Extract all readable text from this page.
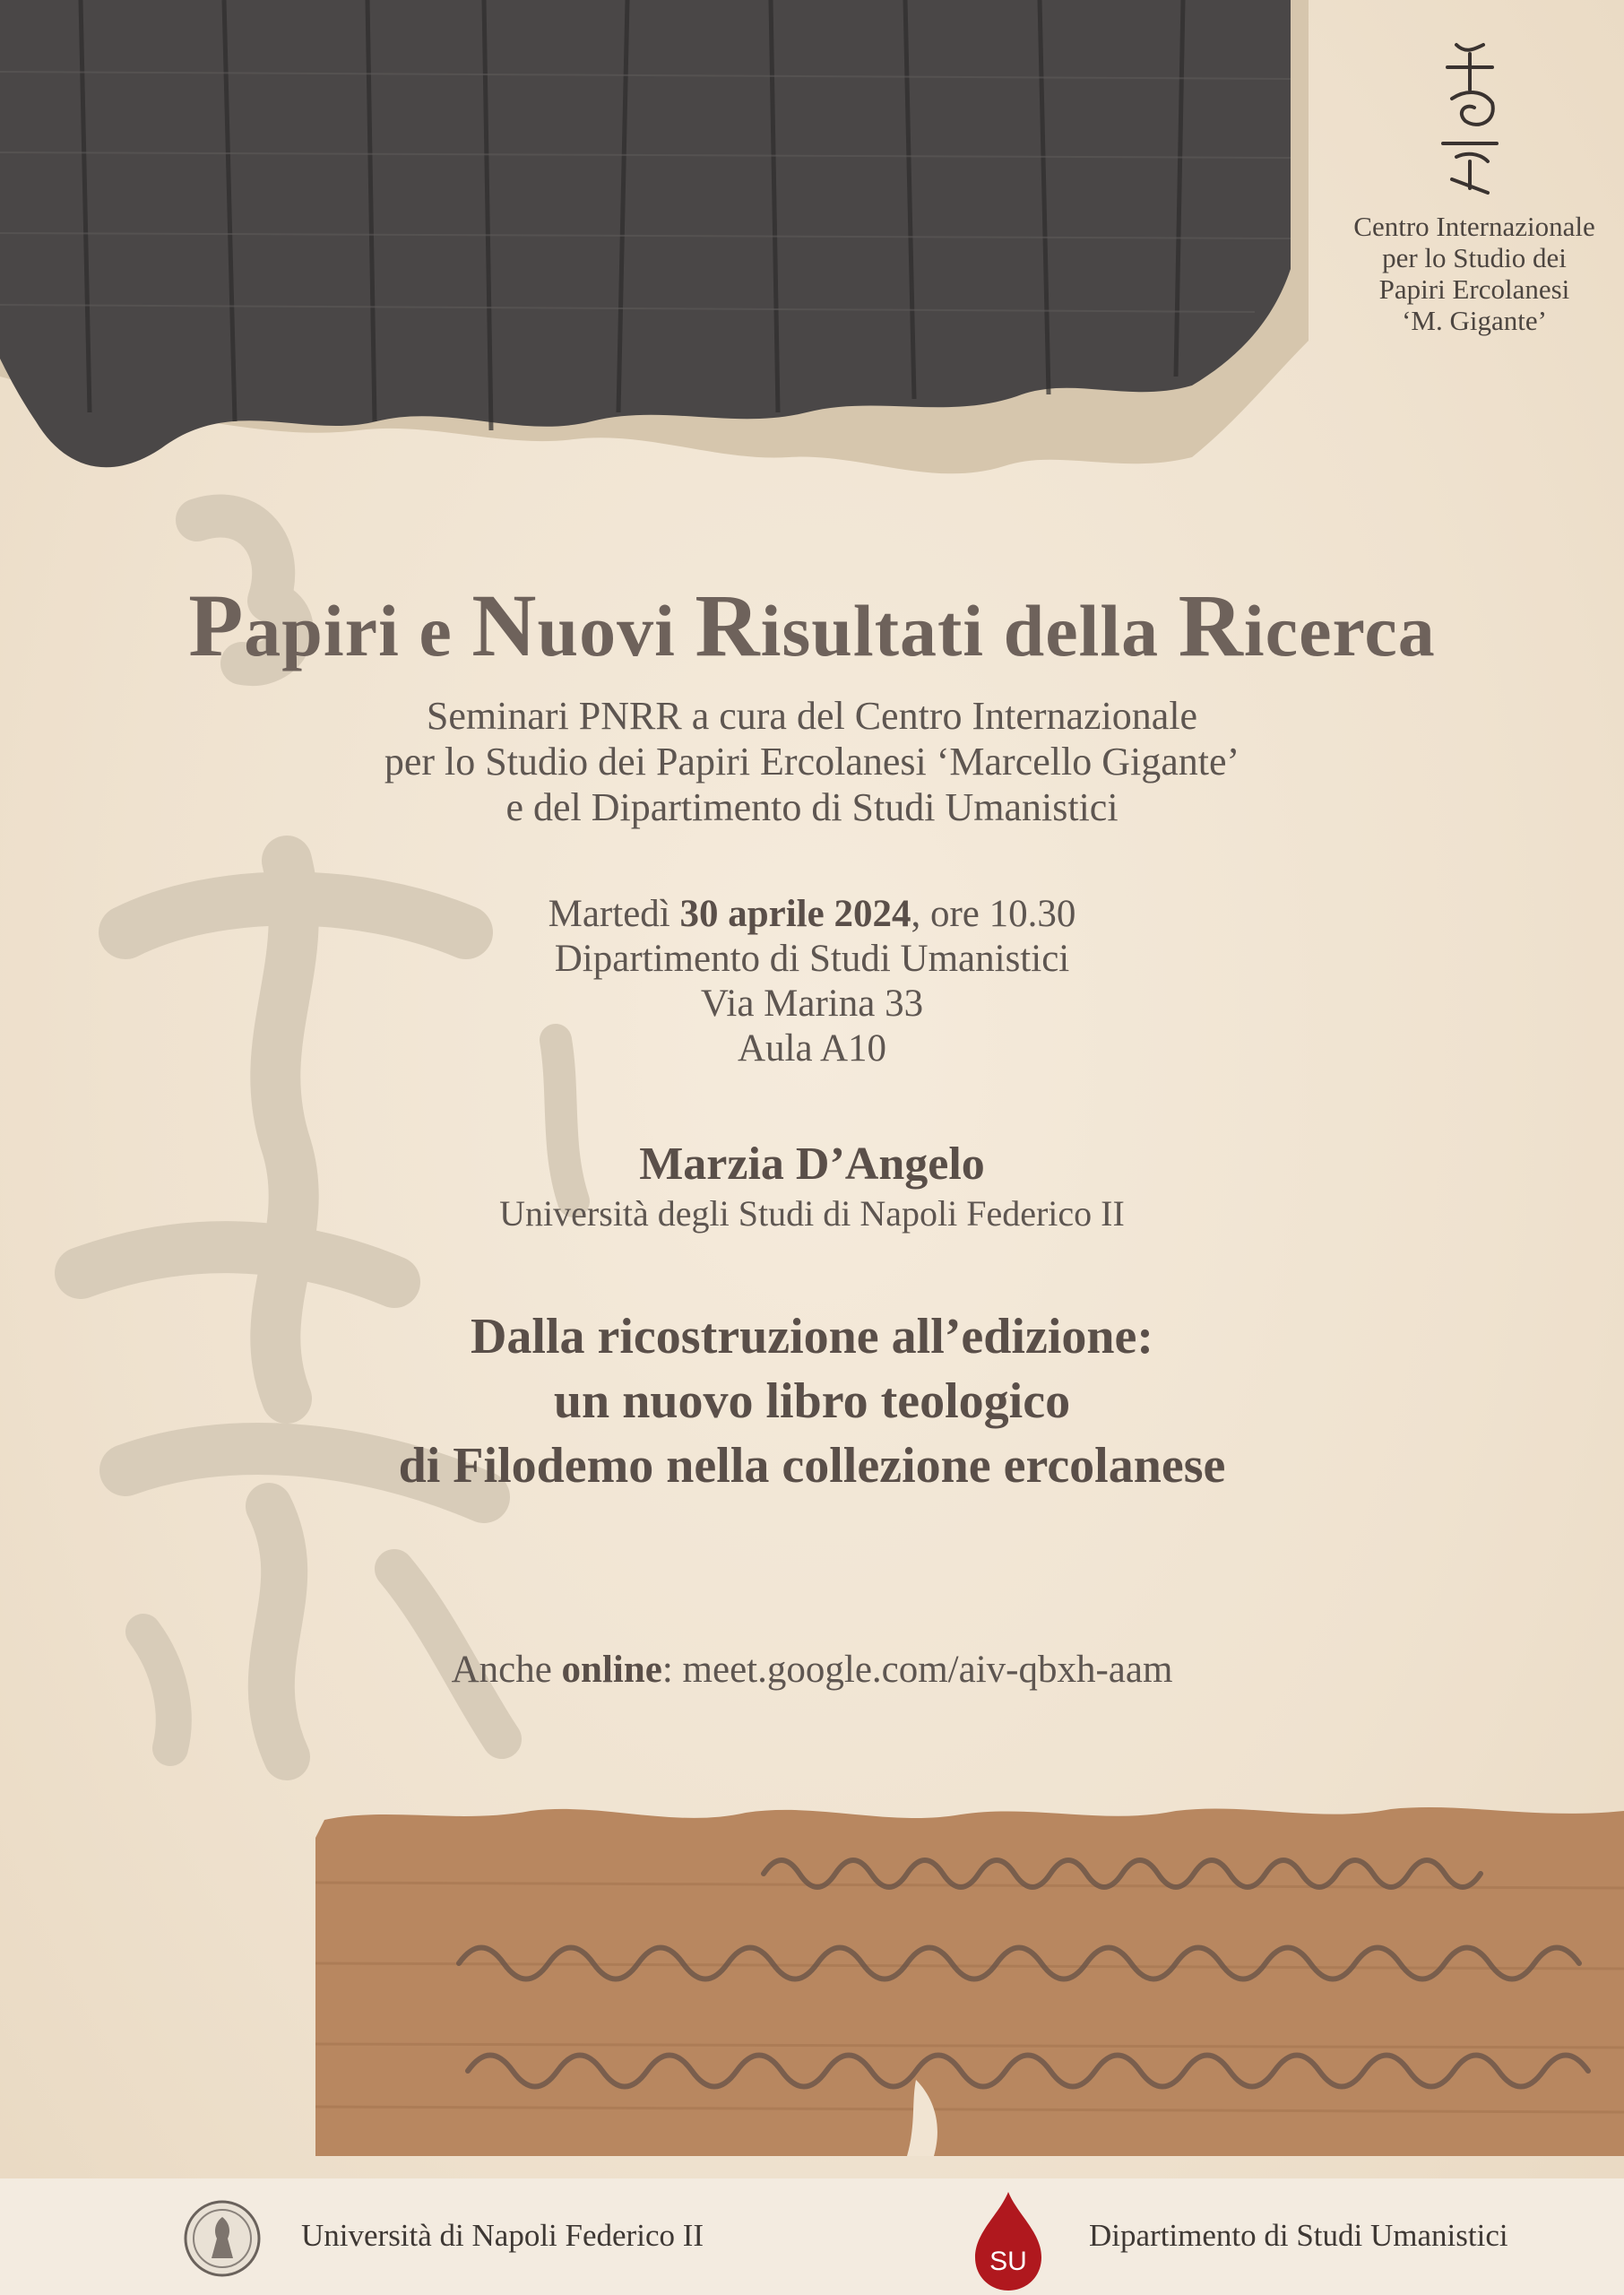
Centro Internazionale
per lo Studio dei
Papiri Ercolanesi
‘M. Gigante’
Papiri e Nuovi Risultati della Ricerca
Seminari PNRR a cura del Centro Internazionale
per lo Studio dei Papiri Ercolanesi ‘Marcello Gigante’
e del Dipartimento di Studi Umanistici
Martedì 30 aprile 2024, ore 10.30
Dipartimento di Studi Umanistici
Via Marina 33
Aula A10
Marzia D’Angelo
Università degli Studi di Napoli Federico II
Dalla ricostruzione all’edizione:
un nuovo libro teologico
di Filodemo nella collezione ercolanese
Anche online: meet.google.com/aiv-qbxh-aam
Università di Napoli Federico II
SU
Dipartimento di Studi Umanistici
